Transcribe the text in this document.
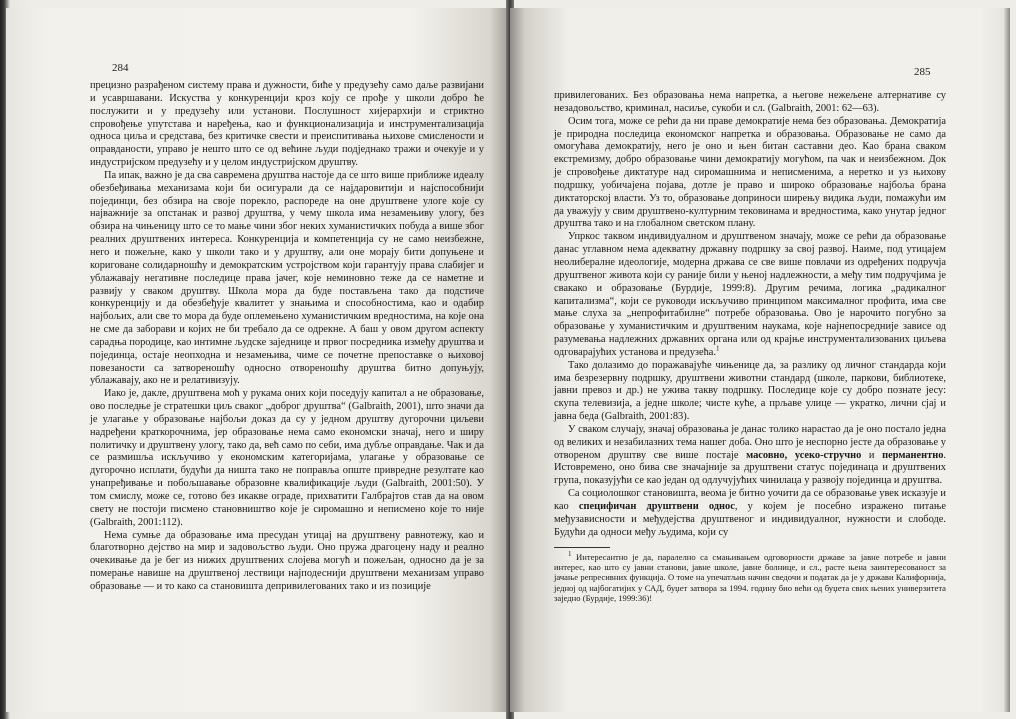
284

прецизно разрађеном систему права и дужности, биће у предузећу само даље развијани и усавршавани. Искуства у конкуренцији кроз коју се прође у школи добро ће послужити и у предузећу или установи. Послушност хијерархији и стриктно спровођење упутстава и наређења, као и функционализација и инструментализација односа циља и средстава, без критичке свести и преиспитивања њихове смислености и оправданости, управо је нешто што се од већине људи подједнако тражи и очекује и у индустријском предузећу и у целом индустријском друштву.

Па ипак, важно је да сва савремена друштва настоје да се што више приближе идеалу обезбеђивања механизама који би осигурали да се најдаровитији и најспособнији појединци, без обзира на своје порекло, распореде на оне друштвене улоге које су најважније за опстанак и развој друштва, у чему школа има незамењиву улогу, без обзира на чињеницу што се то мање чини због неких хуманистичких побуда а више због реалних друштвених интереса. Конкуренција и компетенција су не само неизбежне, него и пожељне, како у школи тако и у друштву, али оне морају бити допуњене и кориговане солидарношћу и демократским устројством који гарантују права слабијег и ублажавају негативне последице права јачег, које неминовно теже да се наметне и развију у сваком друштву. Школа мора да буде постављена тако да подстиче конкуренцију и да обезбеђује квалитет у знањима и способностима, као и одабир најбољих, али све то мора да буде оплемењено хуманистичким вредностима, на које она не сме да заборави и којих не би требало да се одрекне. А баш у овом другом аспекту сарадња породице, као интимне људске заједнице и првог посредника између друштва и појединца, остаје неопходна и незамењива, чиме се почетне препоставке о њиховој повезаности са затвореношћу односно отвореношћу друштва битно допуњују, ублажавају, ако не и релативизују.

Иако је, дакле, друштвена моћ у рукама оних који поседују капитал а не образовање, ово последње је стратешки циљ сваког „доброг друштва“ (Galbraith, 2001), што значи да је улагање у образовање најбољи доказ да су у једном друштву дугорочни циљеви надређени краткорочнима, јер образовање нема само економски значај, него и ширу политичку и друштвену улогу, тако да, већ само по себи, има дубље оправдање. Чак и да се размишља искључиво у економским категоријама, улагање у образовање се дугорочно исплати, будући да ништа тако не поправља опште привредне резултате као унапређивање и побољшавање образовне квалификације људи (Galbraith, 2001:50). У том смислу, може се, готово без икакве ограде, прихватити Галбрајтов став да на овом свету не постоји писмено становништво које је сиромашно и неписмено које то није (Galbraith, 2001:112).

Нема сумње да образовање има пресудан утицај на друштвену равнотежу, као и благотворно дејство на мир и задовољство људи. Оно пружа драгоцену наду и реално очекивање да је бег из нижих друштвених слојева могућ и пожељан, односно да је за померање навише на друштвеној лествици најподеснији друштвени механизам управо образовање — и то како са становишта депривилегованих тако и из позиције

285

привилегованих. Без образовања нема напретка, а његове нежељене алтернативе су незадовољство, криминал, насиље, сукоби и сл. (Galbraith, 2001: 62—63).

Осим тога, може се рећи да ни праве демократије нема без образовања. Демократија је природна последица економског напретка и образовања. Образовање не само да омогућава демократију, него је оно и њен битан саставни део. Као брана сваком екстремизму, добро образовање чини демократију могућом, па чак и неизбежном. Док је спровођење диктатуре над сиромашнима и неписменима, а неретко и уз њихову подршку, уобичајена појава, дотле је право и широко образовање најбоља брана диктаторској власти. Уз то, образовање доприноси ширењу видика људи, помажући им да уважују у свим друштвено-културним тековинама и вредностима, како унутар једног друштва тако и на глобалном светском плану.

Упркос таквом индивидуалном и друштвеном значају, може се рећи да образовање данас углавном нема адекватну државну подршку за свој развој. Наиме, под утицајем неолибералне идеологије, модерна држава се све више повлачи из одређених подручја друштвеног живота који су раније били у њеној надлежности, а међу тим подручјима је свакако и образовање (Бурдије, 1999:8). Другим речима, логика „радикалног капитализма“, који се руководи искључиво принципом максималног профита, има све мање слуха за „непрофитабилне“ потребе образовања. Ово је нарочито погубно за образовање у хуманистичким и друштвеним наукама, које најнепосредније зависе од разумевања надлежних државних органа или од крајње инструментализованих циљева одговарајућих установа и предузећа.$^1$

Тако долазимо до поражавајуће чињенице да, за разлику од личног стандарда који има безрезервну подршку, друштвени животни стандард (школе, паркови, библиотеке, јавни превоз и др.) не ужива такву подршку. Последице које су добро познате јесу: скупа телевизија, а једне школе; чисте куће, а прљаве улице — укратко, лични сјај и јавна беда (Galbraith, 2001:83).

У сваком случају, значај образовања је данас толико нарастао да је оно постало једна од великих и незабилазних тема нашег доба. Оно што је неспорно јесте да образовање у отвореном друштву све више постаје масовно, усеко-стручно и перманентно. Истовремено, оно бива све значајније за друштвени статус појединаца и друштвених група, показујући се као један од одлучујућих чинилаца у развоју појединца и друштва.

Са социолошког становишта, веома је битно уочити да се образовање увек исказује и као специфичан друштвени однос, у којем је посебно изражено питање међузависности и међудејства друштвеног и индивидуалног, нужности и слободе. Будући да односи међу људима, који су

$^1$ Интересантно је да, паралелно са смањивањем одговорности државе за јавне потребе и јавни интерес, као што су јавни станови, јавне школе, јавне болнице, и сл., расте њена заинтересованост за јачање репресивних функција. О томе на упечатљив начин сведочи и податак да је у држави Калифорнија, једној од најбогатијих у САД, буџет затвора за 1994. годину био већи од буџета свих њених универзитета заједно (Бурдије, 1999:36)!
